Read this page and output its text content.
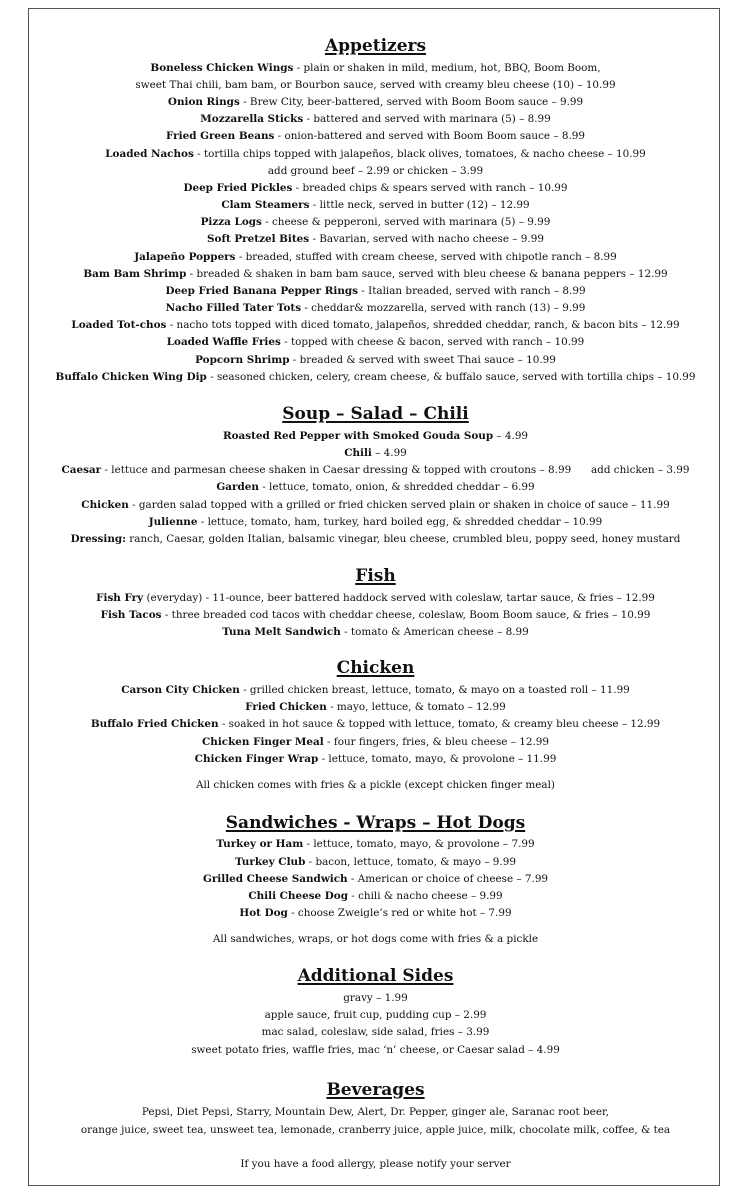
Appetizers
Boneless Chicken Wings - plain or shaken in mild, medium, hot, BBQ, Boom Boom,
sweet Thai chili, bam bam, or Bourbon sauce, served with creamy bleu cheese (10) – 10.99
Onion Rings - Brew City, beer-battered, served with Boom Boom sauce – 9.99
Mozzarella Sticks - battered and served with marinara (5) – 8.99
Fried Green Beans - onion-battered and served with Boom Boom sauce – 8.99
Loaded Nachos - tortilla chips topped with jalapeños, black olives, tomatoes, & nacho cheese – 10.99
add ground beef – 2.99 or chicken – 3.99
Deep Fried Pickles - breaded chips & spears served with ranch – 10.99
Clam Steamers - little neck, served in butter (12) – 12.99
Pizza Logs - cheese & pepperoni, served with marinara (5) – 9.99
Soft Pretzel Bites - Bavarian, served with nacho cheese – 9.99
Jalapeño Poppers - breaded, stuffed with cream cheese, served with chipotle ranch – 8.99
Bam Bam Shrimp - breaded & shaken in bam bam sauce, served with bleu cheese & banana peppers – 12.99
Deep Fried Banana Pepper Rings - Italian breaded, served with ranch – 8.99
Nacho Filled Tater Tots - cheddar& mozzarella, served with ranch (13) – 9.99
Loaded Tot-chos - nacho tots topped with diced tomato, jalapeños, shredded cheddar, ranch, & bacon bits – 12.99
Loaded Waffle Fries - topped with cheese & bacon, served with ranch – 10.99
Popcorn Shrimp - breaded & served with sweet Thai sauce – 10.99
Buffalo Chicken Wing Dip - seasoned chicken, celery, cream cheese, & buffalo sauce, served with tortilla chips – 10.99
Soup – Salad – Chili
Roasted Red Pepper with Smoked Gouda Soup – 4.99
Chili – 4.99
Caesar - lettuce and parmesan cheese shaken in Caesar dressing & topped with croutons – 8.99      add chicken – 3.99
Garden - lettuce, tomato, onion, & shredded cheddar – 6.99
Chicken - garden salad topped with a grilled or fried chicken served plain or shaken in choice of sauce – 11.99
Julienne - lettuce, tomato, ham, turkey, hard boiled egg, & shredded cheddar – 10.99
Dressing: ranch, Caesar, golden Italian, balsamic vinegar, bleu cheese, crumbled bleu, poppy seed, honey mustard
Fish
Fish Fry (everyday) - 11-ounce, beer battered haddock served with coleslaw, tartar sauce, & fries – 12.99
Fish Tacos - three breaded cod tacos with cheddar cheese, coleslaw, Boom Boom sauce, & fries – 10.99
Tuna Melt Sandwich - tomato & American cheese – 8.99
Chicken
Carson City Chicken - grilled chicken breast, lettuce, tomato, & mayo on a toasted roll – 11.99
Fried Chicken - mayo, lettuce, & tomato – 12.99
Buffalo Fried Chicken - soaked in hot sauce & topped with lettuce, tomato, & creamy bleu cheese – 12.99
Chicken Finger Meal - four fingers, fries, & bleu cheese – 12.99
Chicken Finger Wrap - lettuce, tomato, mayo, & provolone – 11.99
All chicken comes with fries & a pickle (except chicken finger meal)
Sandwiches - Wraps – Hot Dogs
Turkey or Ham - lettuce, tomato, mayo, & provolone – 7.99
Turkey Club - bacon, lettuce, tomato, & mayo – 9.99
Grilled Cheese Sandwich - American or choice of cheese – 7.99
Chili Cheese Dog - chili & nacho cheese – 9.99
Hot Dog - choose Zweigle’s red or white hot – 7.99
All sandwiches, wraps, or hot dogs come with fries & a pickle
Additional Sides
gravy – 1.99
apple sauce, fruit cup, pudding cup – 2.99
mac salad, coleslaw, side salad, fries – 3.99
sweet potato fries, waffle fries, mac ‘n’ cheese, or Caesar salad – 4.99
Beverages
Pepsi, Diet Pepsi, Starry, Mountain Dew, Alert, Dr. Pepper, ginger ale, Saranac root beer,
orange juice, sweet tea, unsweet tea, lemonade, cranberry juice, apple juice, milk, chocolate milk, coffee, & tea
If you have a food allergy, please notify your server
